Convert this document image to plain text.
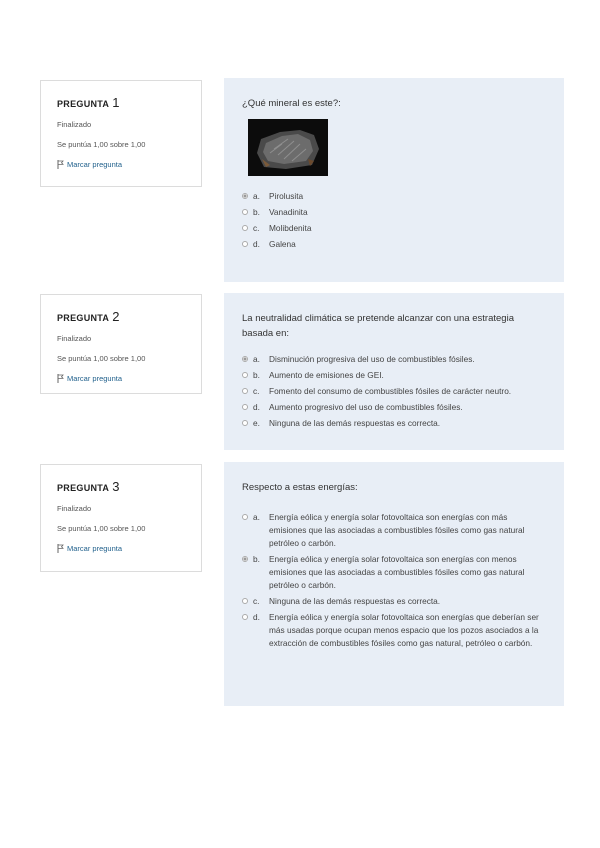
PREGUNTA 1
Finalizado
Se puntúa 1,00 sobre 1,00
Marcar pregunta
¿Qué mineral es este?:
a.	Pirolusita
b.	Vanadinita
c.	Molibdenita
d.	Galena
PREGUNTA 2
Finalizado
Se puntúa 1,00 sobre 1,00
Marcar pregunta
La neutralidad climática se pretende alcanzar con una estrategia basada en:
a.	Disminución progresiva del uso de combustibles fósiles.
b.	Aumento de emisiones de GEI.
c.	Fomento del consumo de combustibles fósiles de carácter neutro.
d.	Aumento progresivo del uso de combustibles fósiles.
e.	Ninguna de las demás respuestas es correcta.
PREGUNTA 3
Finalizado
Se puntúa 1,00 sobre 1,00
Marcar pregunta
Respecto a estas energías:
a.	Energía eólica y energía solar fotovoltaica son energías con más emisiones que las asociadas a combustibles fósiles como gas natural petróleo o carbón.
b.	Energía eólica y energía solar fotovoltaica son energías con menos emisiones que las asociadas a combustibles fósiles como gas natural petróleo o carbón.
c.	Ninguna de las demás respuestas es correcta.
d.	Energía eólica y energía solar fotovoltaica son energías que deberían ser más usadas porque ocupan menos espacio que los pozos asociados a la extracción de combustibles fósiles como gas natural, petróleo o carbón.
